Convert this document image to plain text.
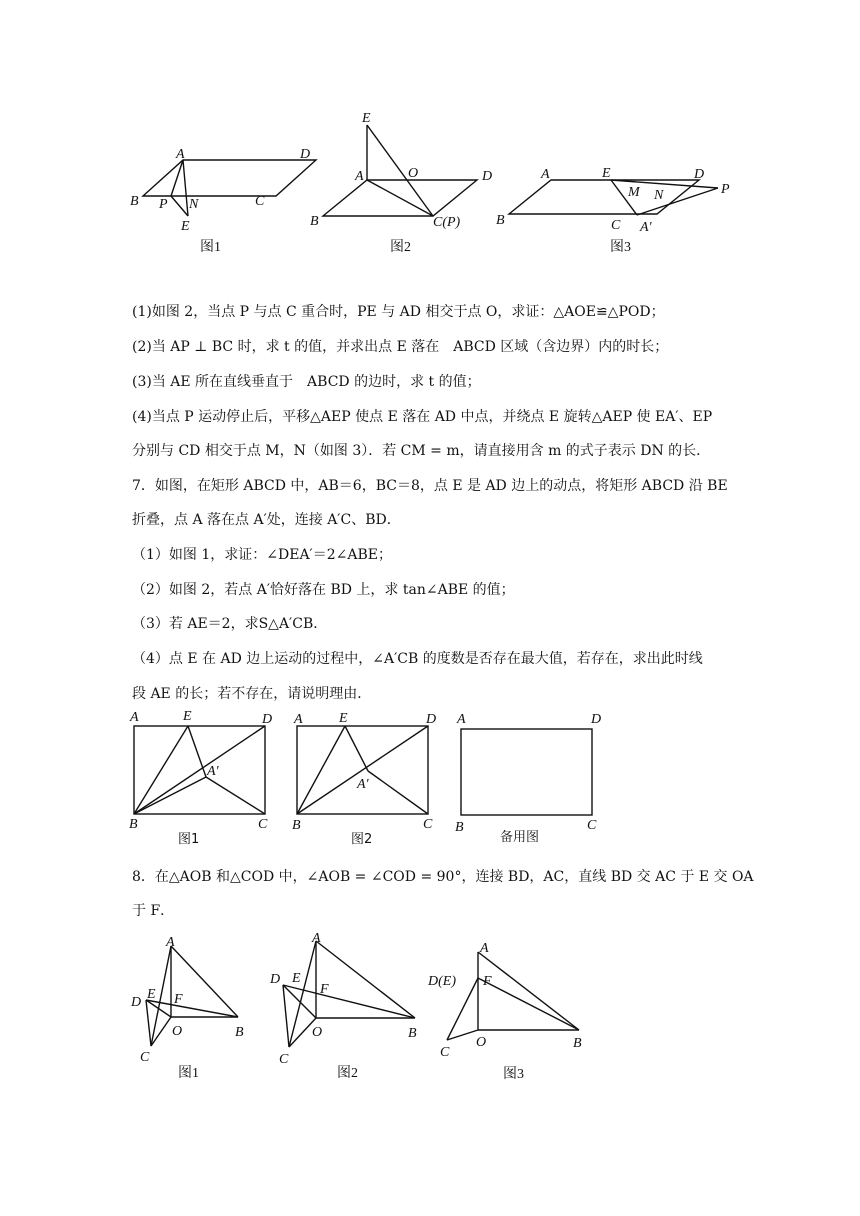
A
B	C
D
P N
E
图1
E
A	O	D
B	C(P)
图2
A	E	D
M N	P
B	C A′
图3
(1)如图 2，当点 P 与点 C 重合时，PE 与 AD 相交于点 O，求证：△AOE≌△POD；
(2)当 AP ⊥ BC 时，求 t 的值，并求出点 E 落在　ABCD 区域（含边界）内的时长；
(3)当 AE 所在直线垂直于　ABCD 的边时，求 t 的值；
(4)当点 P 运动停止后，平移△AEP 使点 E 落在 AD 中点，并绕点 E 旋转△AEP 使 EA′、EP
分别与 CD 相交于点 M，N（如图 3）．若 CM = m，请直接用含 m 的式子表示 DN 的长．
7．如图，在矩形 ABCD 中，AB＝6，BC＝8，点 E 是 AD 边上的动点，将矩形 ABCD 沿 BE
折叠，点 A 落在点 A′处，连接 A′C、BD．
（1）如图 1，求证：∠DEA′＝2∠ABE；
（2）如图 2，若点 A′恰好落在 BD 上，求 tan∠ABE 的值；
（3）若 AE＝2，求S△A′CB．
（4）点 E 在 AD 边上运动的过程中，∠A′CB 的度数是否存在最大值，若存在，求出此时线
段 AE 的长；若不存在，请说明理由．
A	E	D
A′
B	C
图1
A	E	D
A′
B	C
图2
A	D
B	C
备用图
8．在△AOB 和△COD 中，∠AOB = ∠COD = 90°，连接 BD，AC，直线 BD 交 AC 于 E 交 OA
于 F．
A
D
E F
O	B
C
图1
A
D E
F
O	B
C
图2
A
D(E) F
O	B
C
图3
